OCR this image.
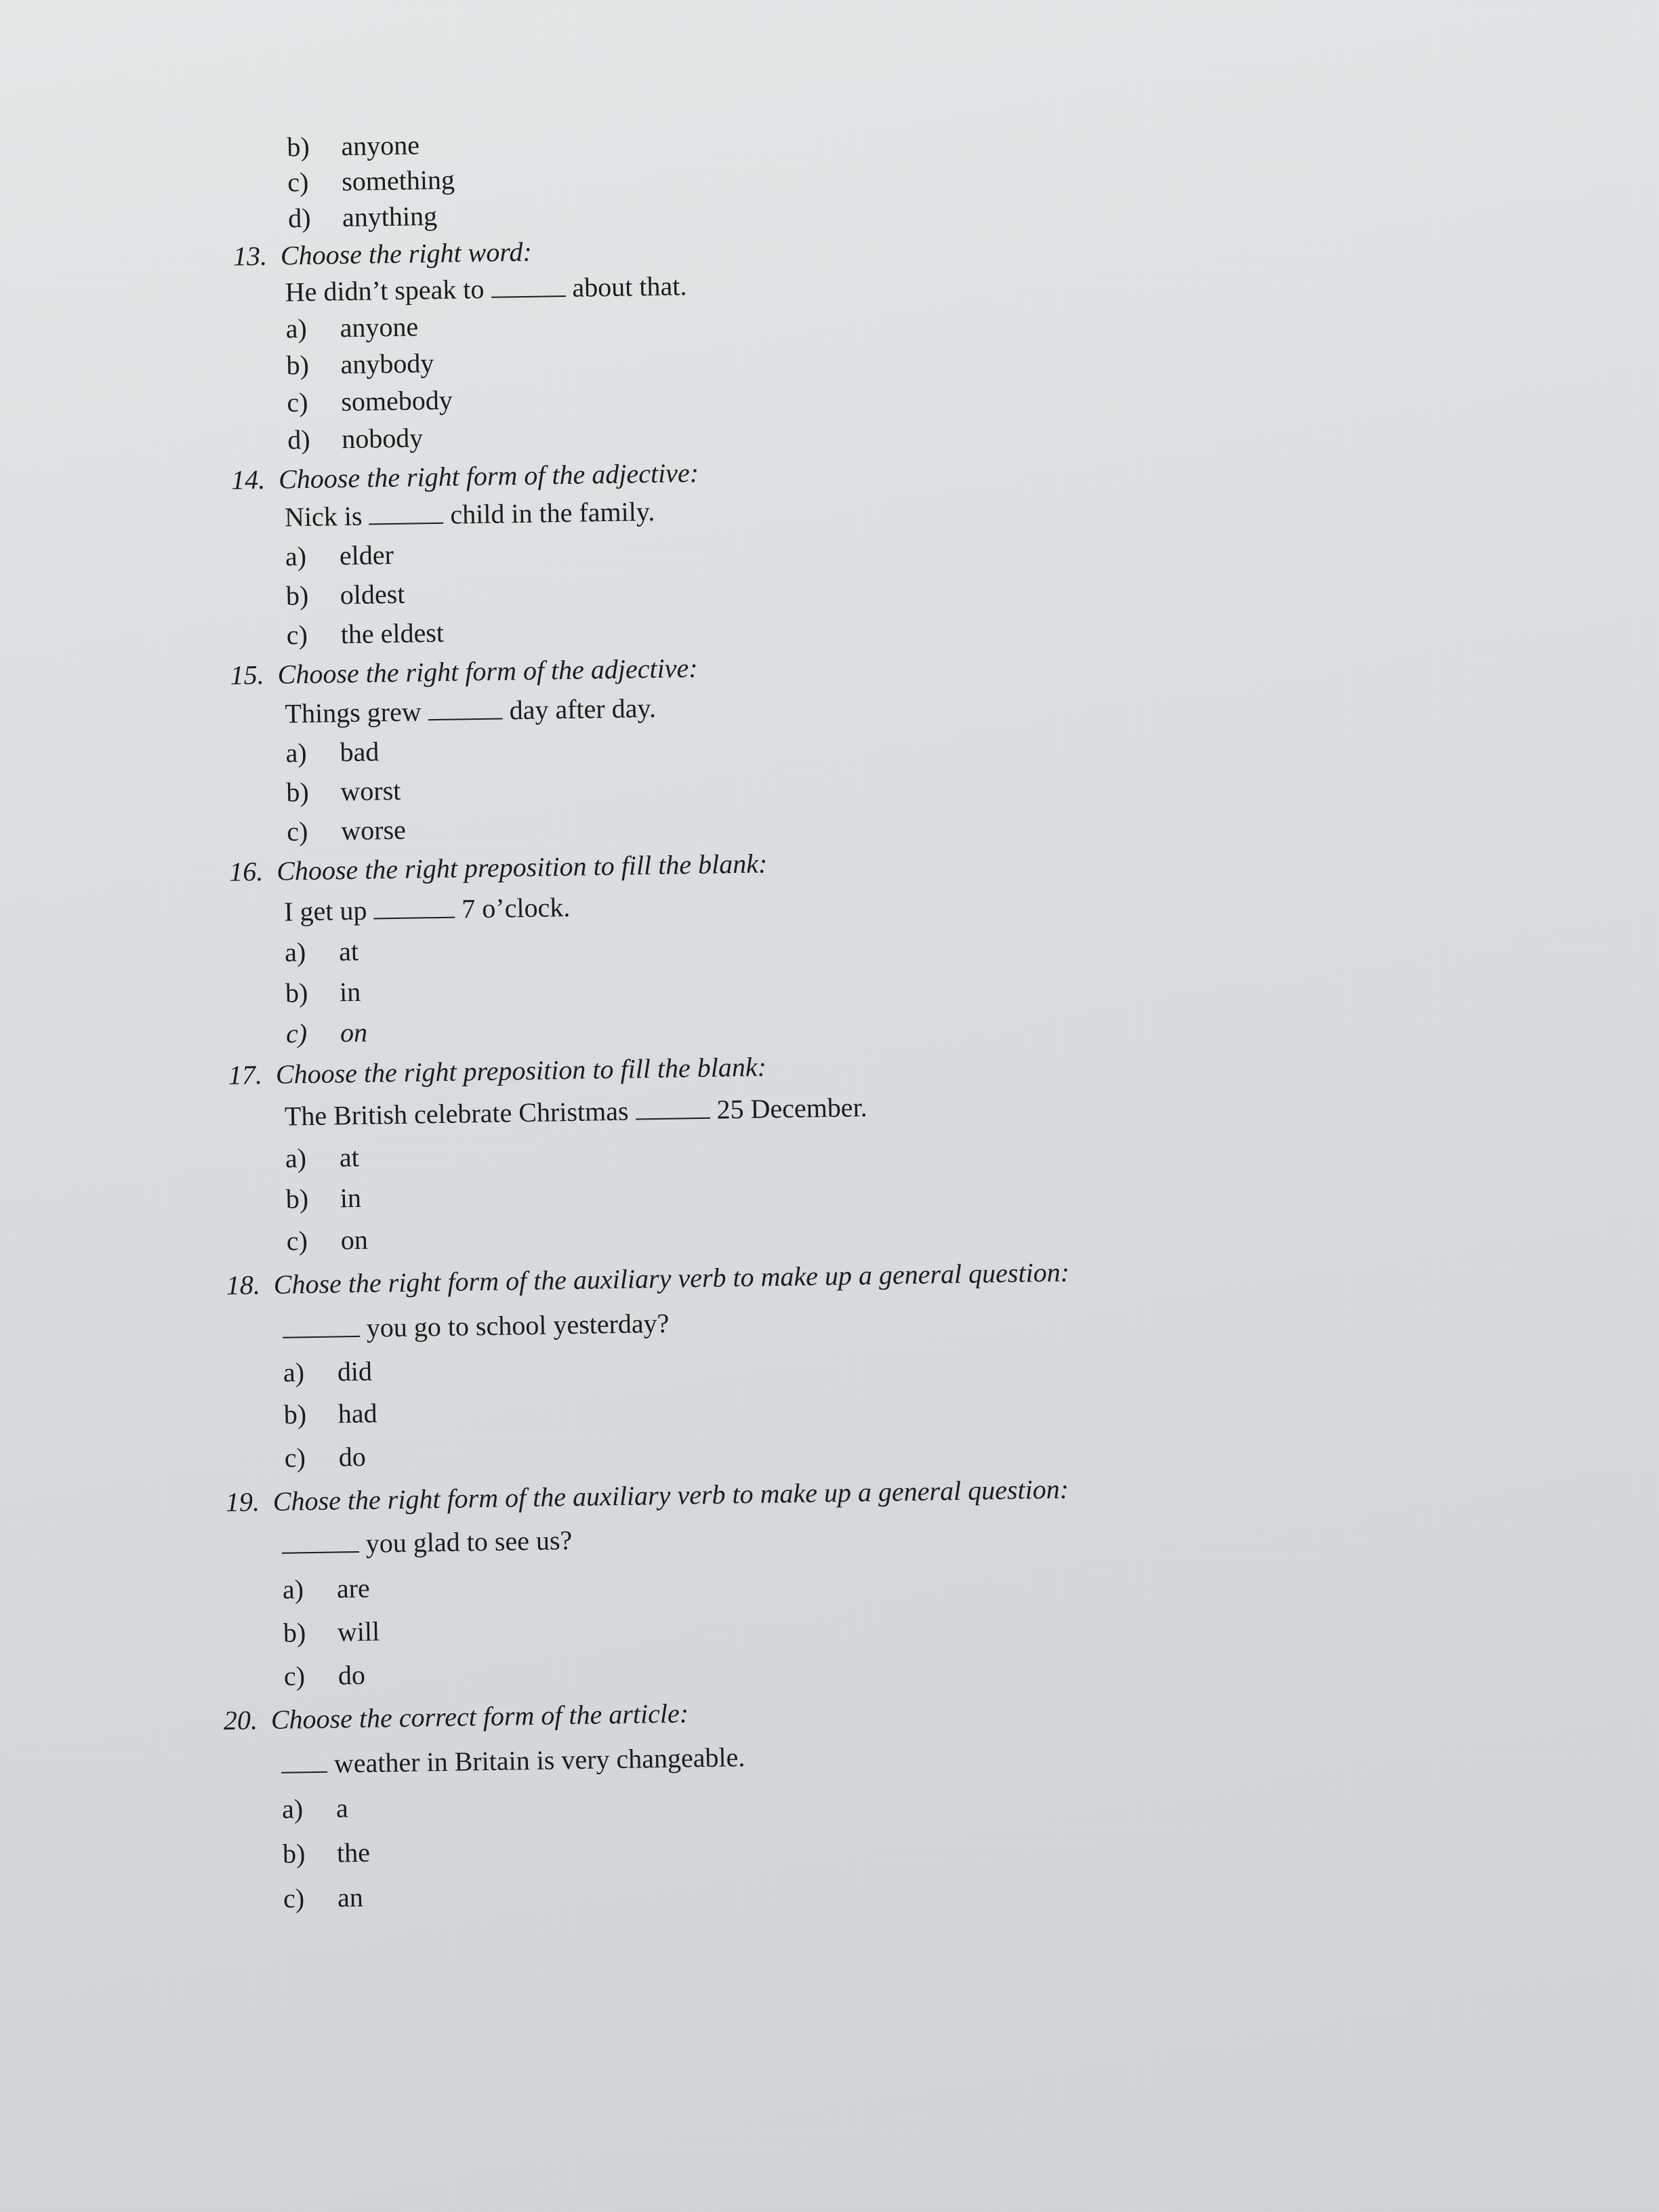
b) anyone
c) something
d) anything
13. Choose the right word:
He didn’t speak to	about that.
a) anyone
b) anybody
c) somebody
d) nobody
14. Choose the right form of the adjective:
Nick is	child in the family.
a) elder
b) oldest
c) the eldest
15. Choose the right form of the adjective:
Things grew	day after day.
a) bad
b) worst
c) worse
16. Choose the right preposition to fill the blank:
I get up	7 o’clock.
a) at
b) in
c) on
17. Choose the right preposition to fill the blank:
The British celebrate Christmas	25 December.
a) at
b) in
c) on
18. Chose the right form of the auxiliary verb to make up a general question:
you go to school yesterday?
a) did
b) had
c) do
19. Chose the right form of the auxiliary verb to make up a general question:
you glad to see us?
a) are
b) will
c) do
20. Choose the correct form of the article:
weather in Britain is very changeable.
a) a
b) the
c) an
